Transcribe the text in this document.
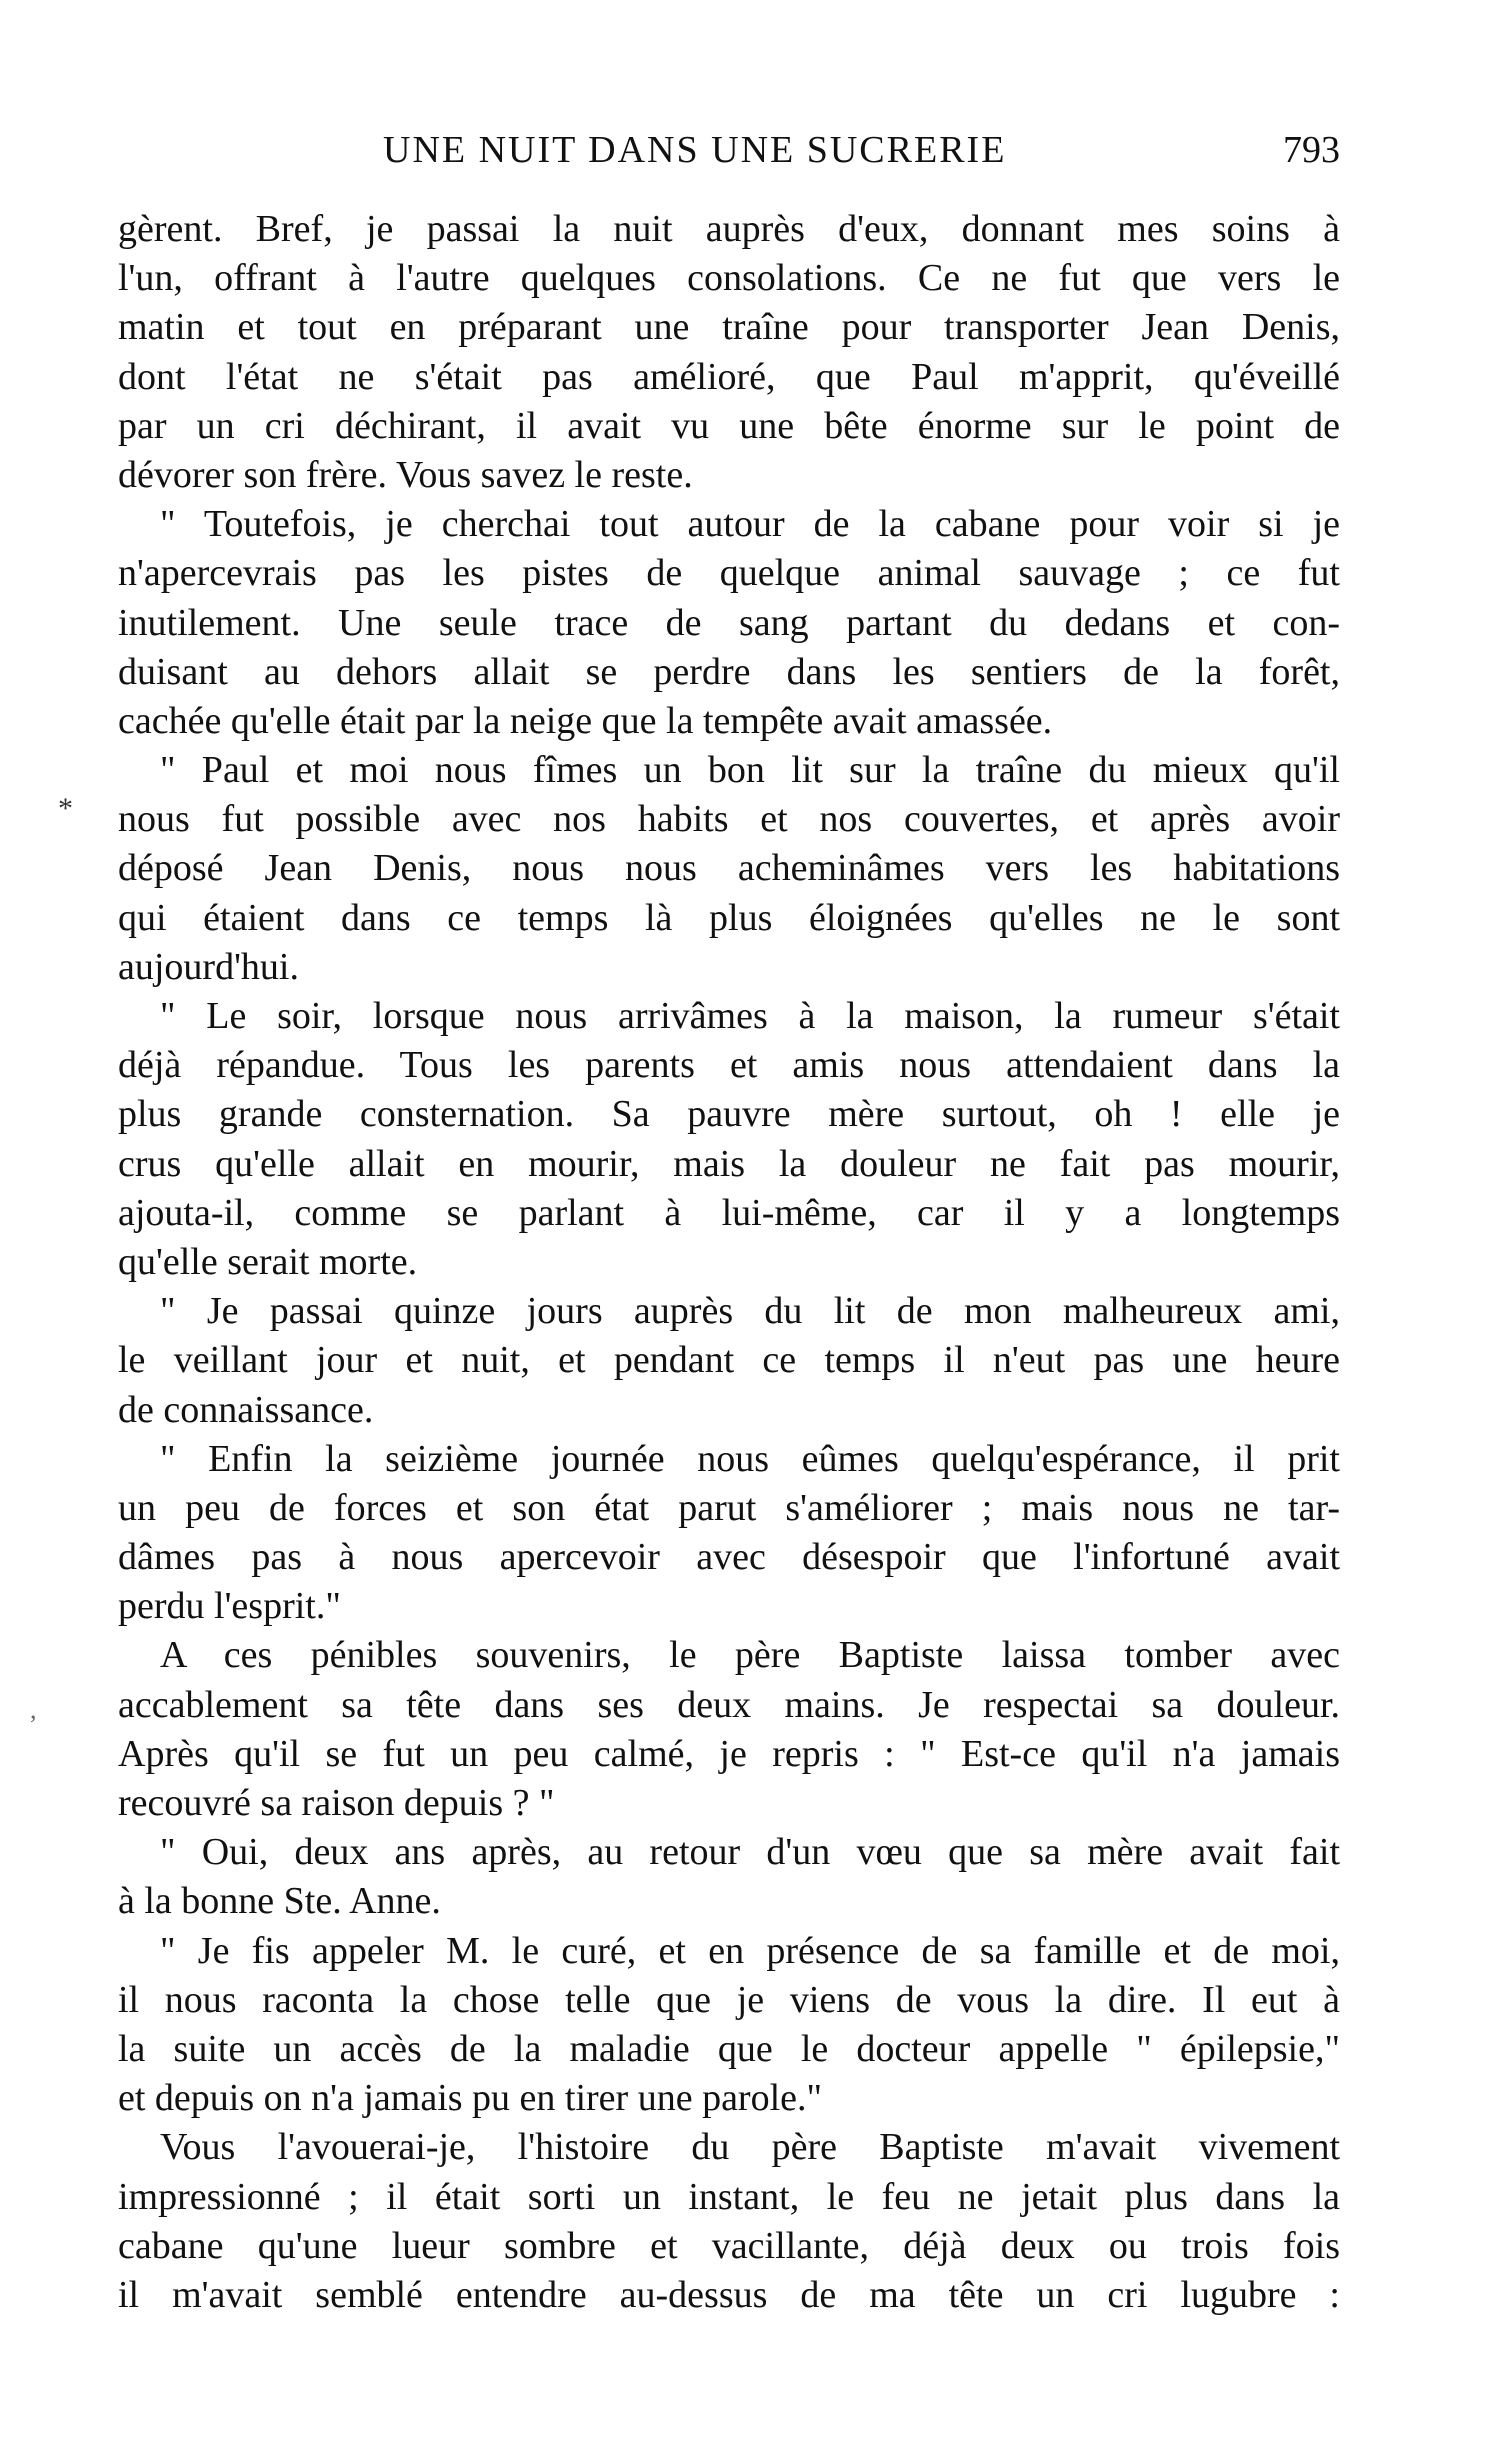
UNE NUIT DANS UNE SUCRERIE	793
*
,
gèrent. Bref, je passai la nuit auprès d'eux, donnant mes soins à
l'un, offrant à l'autre quelques consolations. Ce ne fut que vers le
matin et tout en préparant une traîne pour transporter Jean Denis,
dont l'état ne s'était pas amélioré, que Paul m'apprit, qu'éveillé
par un cri déchirant, il avait vu une bête énorme sur le point de
dévorer son frère. Vous savez le reste.
" Toutefois, je cherchai tout autour de la cabane pour voir si je
n'apercevrais pas les pistes de quelque animal sauvage ; ce fut
inutilement. Une seule trace de sang partant du dedans et con-
duisant au dehors allait se perdre dans les sentiers de la forêt,
cachée qu'elle était par la neige que la tempête avait amassée.
" Paul et moi nous fîmes un bon lit sur la traîne du mieux qu'il
nous fut possible avec nos habits et nos couvertes, et après avoir
déposé Jean Denis, nous nous acheminâmes vers les habitations
qui étaient dans ce temps là plus éloignées qu'elles ne le sont
aujourd'hui.
" Le soir, lorsque nous arrivâmes à la maison, la rumeur s'était
déjà répandue. Tous les parents et amis nous attendaient dans la
plus grande consternation. Sa pauvre mère surtout, oh ! elle je
crus qu'elle allait en mourir, mais la douleur ne fait pas mourir,
ajouta-il, comme se parlant à lui-même, car il y a longtemps
qu'elle serait morte.
" Je passai quinze jours auprès du lit de mon malheureux ami,
le veillant jour et nuit, et pendant ce temps il n'eut pas une heure
de connaissance.
" Enfin la seizième journée nous eûmes quelqu'espérance, il prit
un peu de forces et son état parut s'améliorer ; mais nous ne tar-
dâmes pas à nous apercevoir avec désespoir que l'infortuné avait
perdu l'esprit."
A ces pénibles souvenirs, le père Baptiste laissa tomber avec
accablement sa tête dans ses deux mains. Je respectai sa douleur.
Après qu'il se fut un peu calmé, je repris : " Est-ce qu'il n'a jamais
recouvré sa raison depuis ? "
" Oui, deux ans après, au retour d'un vœu que sa mère avait fait
à la bonne Ste. Anne.
" Je fis appeler M. le curé, et en présence de sa famille et de moi,
il nous raconta la chose telle que je viens de vous la dire. Il eut à
la suite un accès de la maladie que le docteur appelle " épilepsie,"
et depuis on n'a jamais pu en tirer une parole."
Vous l'avouerai-je, l'histoire du père Baptiste m'avait vivement
impressionné ; il était sorti un instant, le feu ne jetait plus dans la
cabane qu'une lueur sombre et vacillante, déjà deux ou trois fois
il m'avait semblé entendre au-dessus de ma tête un cri lugubre :
